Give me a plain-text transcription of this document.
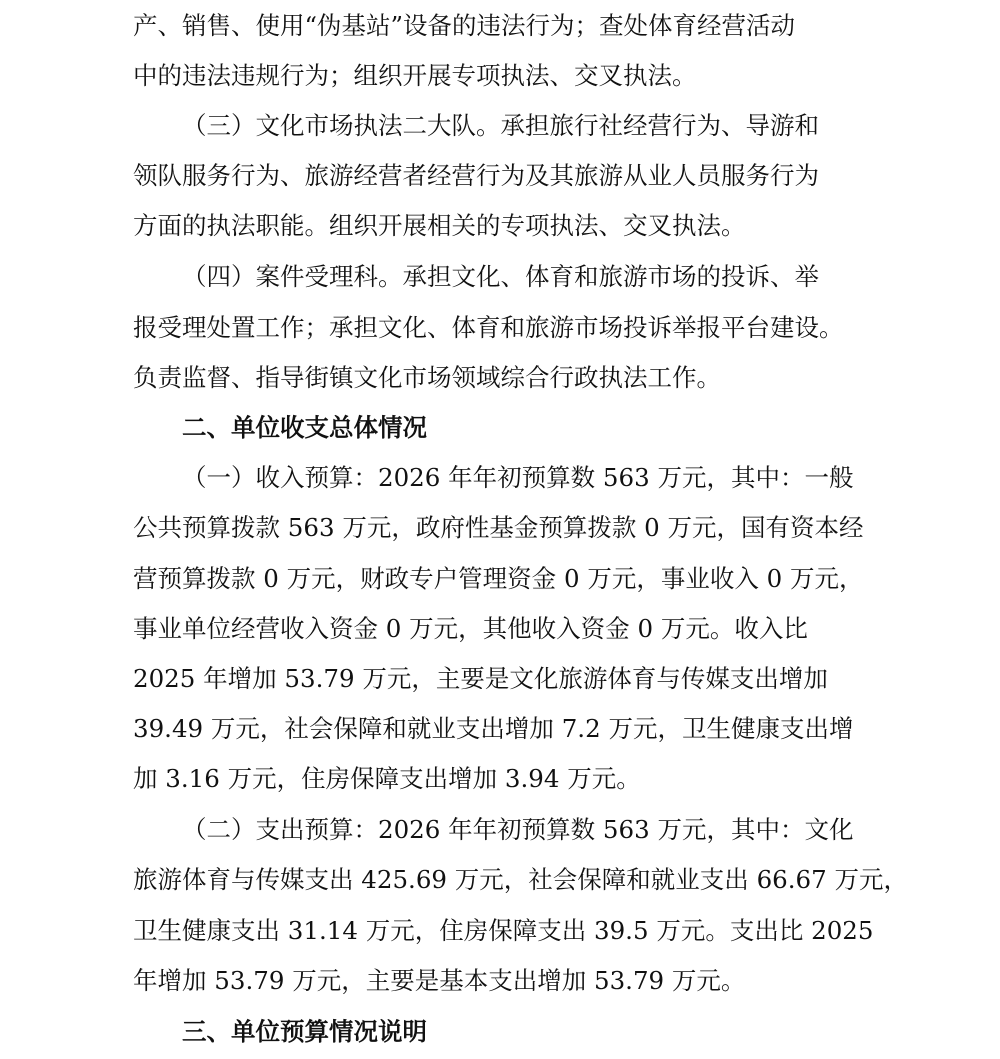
产、销售、使用“伪基站”设备的违法行为；查处体育经营活动
中的违法违规行为；组织开展专项执法、交叉执法。
（三）文化市场执法二大队。承担旅行社经营行为、导游和
领队服务行为、旅游经营者经营行为及其旅游从业人员服务行为
方面的执法职能。组织开展相关的专项执法、交叉执法。
（四）案件受理科。承担文化、体育和旅游市场的投诉、举
报受理处置工作；承担文化、体育和旅游市场投诉举报平台建设。
负责监督、指导街镇文化市场领域综合行政执法工作。
二、单位收支总体情况
（一）收入预算：2026 年年初预算数 563 万元，其中：一般
公共预算拨款 563 万元，政府性基金预算拨款 0 万元，国有资本经
营预算拨款 0 万元，财政专户管理资金 0 万元，事业收入 0 万元，
事业单位经营收入资金 0 万元，其他收入资金 0 万元。收入比
2025 年增加 53.79 万元，主要是文化旅游体育与传媒支出增加
39.49 万元，社会保障和就业支出增加 7.2 万元，卫生健康支出增
加 3.16 万元，住房保障支出增加 3.94 万元。
（二）支出预算：2026 年年初预算数 563 万元，其中：文化
旅游体育与传媒支出 425.69 万元，社会保障和就业支出 66.67 万元，
卫生健康支出 31.14 万元，住房保障支出 39.5 万元。支出比 2025
年增加 53.79 万元，主要是基本支出增加 53.79 万元。
三、单位预算情况说明
